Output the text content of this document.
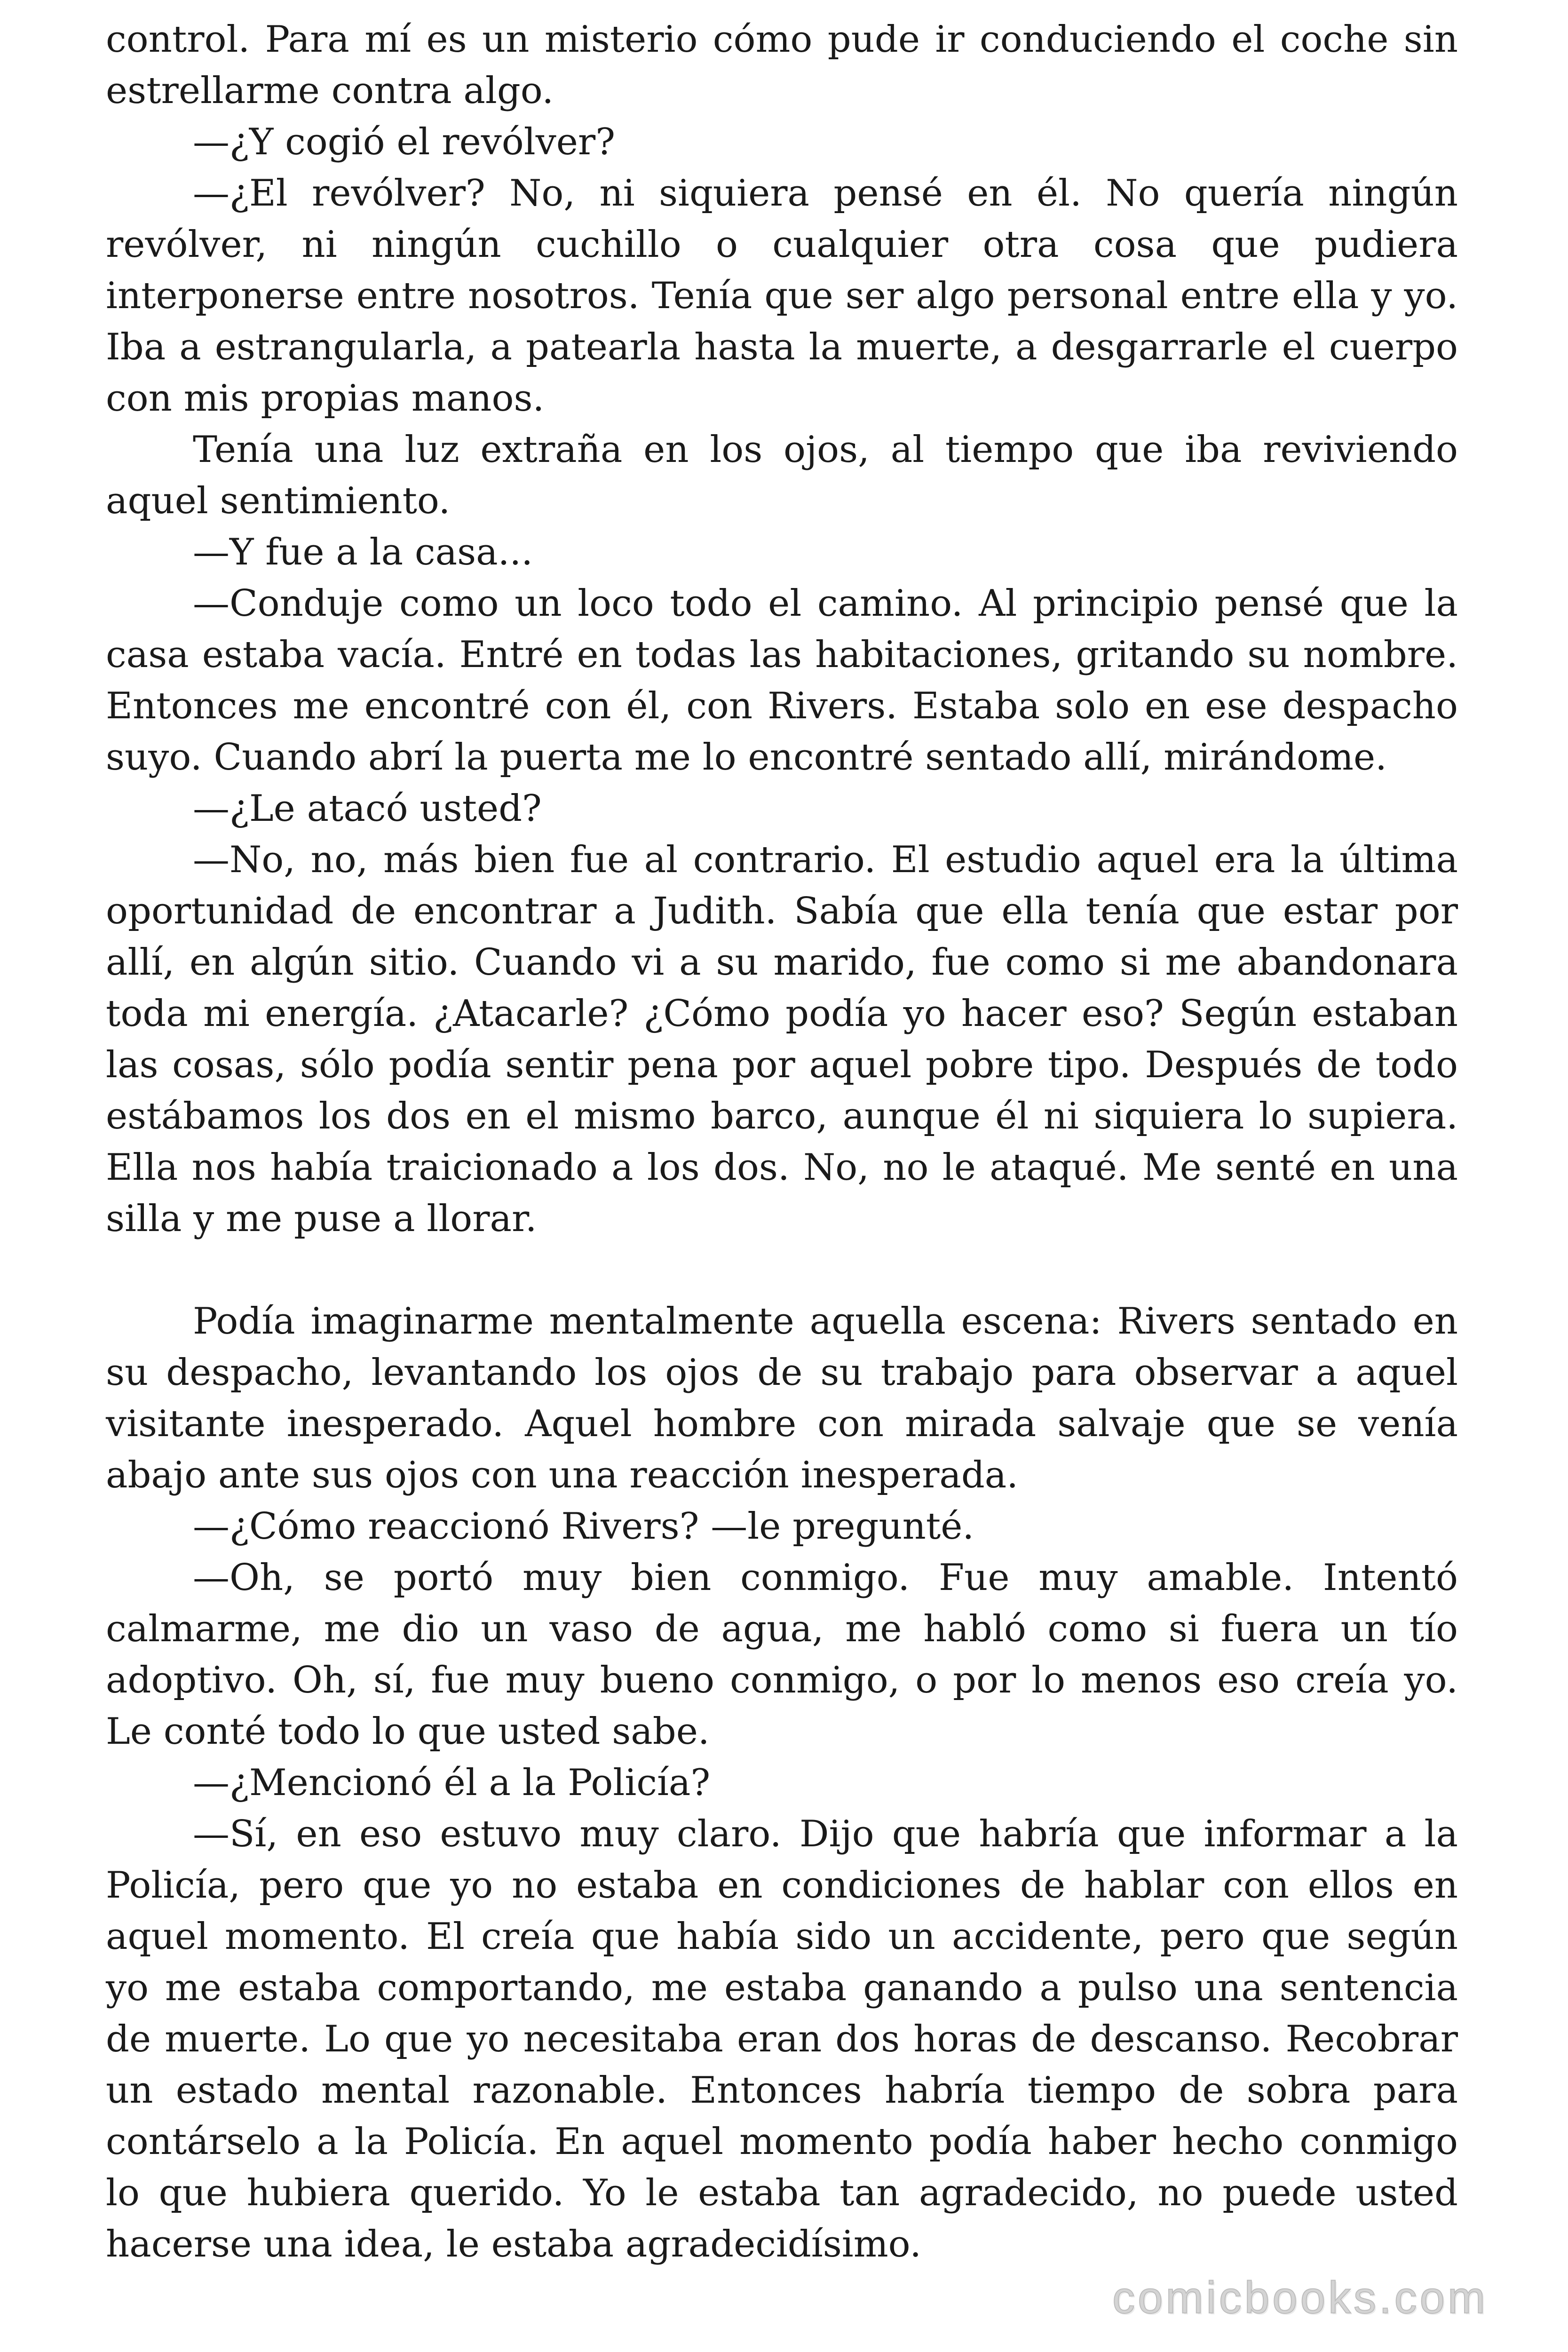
control. Para mí es un misterio cómo pude ir conduciendo el coche sin estrellarme contra algo.

—¿Y cogió el revólver?

—¿El revólver? No, ni siquiera pensé en él. No quería ningún revólver, ni ningún cuchillo o cualquier otra cosa que pudiera interponerse entre nosotros. Tenía que ser algo personal entre ella y yo. Iba a estrangularla, a patearla hasta la muerte, a desgarrarle el cuerpo con mis propias manos.

Tenía una luz extraña en los ojos, al tiempo que iba reviviendo aquel sentimiento.

—Y fue a la casa...

—Conduje como un loco todo el camino. Al principio pensé que la casa estaba vacía. Entré en todas las habitaciones, gritando su nombre. Entonces me encontré con él, con Rivers. Estaba solo en ese despacho suyo. Cuando abrí la puerta me lo encontré sentado allí, mirándome.

—¿Le atacó usted?

—No, no, más bien fue al contrario. El estudio aquel era la última oportunidad de encontrar a Judith. Sabía que ella tenía que estar por allí, en algún sitio. Cuando vi a su marido, fue como si me abandonara toda mi energía. ¿Atacarle? ¿Cómo podía yo hacer eso? Según estaban las cosas, sólo podía sentir pena por aquel pobre tipo. Después de todo estábamos los dos en el mismo barco, aunque él ni siquiera lo supiera. Ella nos había traicionado a los dos. No, no le ataqué. Me senté en una silla y me puse a llorar.

Podía imaginarme mentalmente aquella escena: Rivers sentado en su despacho, levantando los ojos de su trabajo para observar a aquel visitante inesperado. Aquel hombre con mirada salvaje que se venía abajo ante sus ojos con una reacción inesperada.

—¿Cómo reaccionó Rivers? —le pregunté.

—Oh, se portó muy bien conmigo. Fue muy amable. Intentó calmarme, me dio un vaso de agua, me habló como si fuera un tío adoptivo. Oh, sí, fue muy bueno conmigo, o por lo menos eso creía yo. Le conté todo lo que usted sabe.

—¿Mencionó él a la Policía?

—Sí, en eso estuvo muy claro. Dijo que habría que informar a la Policía, pero que yo no estaba en condiciones de hablar con ellos en aquel momento. El creía que había sido un accidente, pero que según yo me estaba comportando, me estaba ganando a pulso una sentencia de muerte. Lo que yo necesitaba eran dos horas de descanso. Recobrar un estado mental razonable. Entonces habría tiempo de sobra para contárselo a la Policía. En aquel momento podía haber hecho conmigo lo que hubiera querido. Yo le estaba tan agradecido, no puede usted hacerse una idea, le estaba agradecidísimo.

comicbooks.com
